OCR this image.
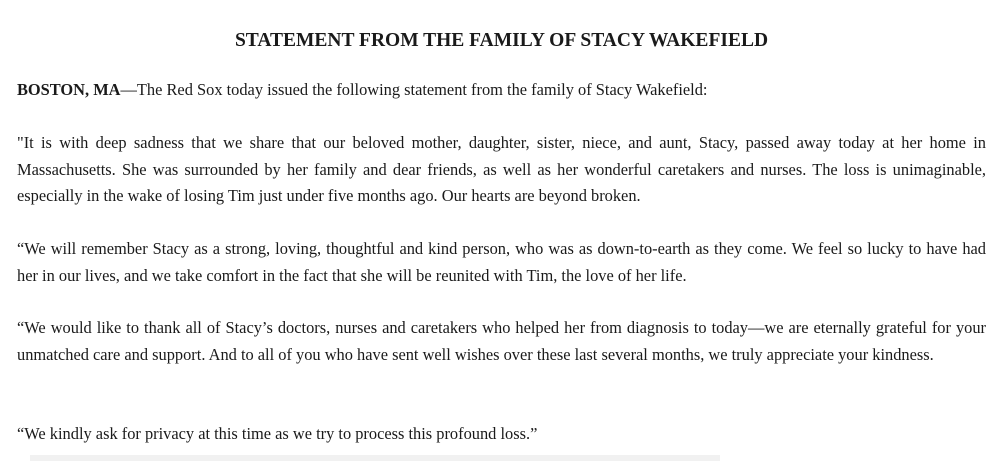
STATEMENT FROM THE FAMILY OF STACY WAKEFIELD

BOSTON, MA—The Red Sox today issued the following statement from the family of Stacy Wakefield:

"It is with deep sadness that we share that our beloved mother, daughter, sister, niece, and aunt, Stacy, passed away today at her home in Massachusetts. She was surrounded by her family and dear friends, as well as her wonderful caretakers and nurses. The loss is unimaginable, especially in the wake of losing Tim just under five months ago. Our hearts are beyond broken.

“We will remember Stacy as a strong, loving, thoughtful and kind person, who was as down-to-earth as they come. We feel so lucky to have had her in our lives, and we take comfort in the fact that she will be reunited with Tim, the love of her life.

“We would like to thank all of Stacy’s doctors, nurses and caretakers who helped her from diagnosis to today—we are eternally grateful for your unmatched care and support. And to all of you who have sent well wishes over these last several months, we truly appreciate your kindness.

“We kindly ask for privacy at this time as we try to process this profound loss.”
